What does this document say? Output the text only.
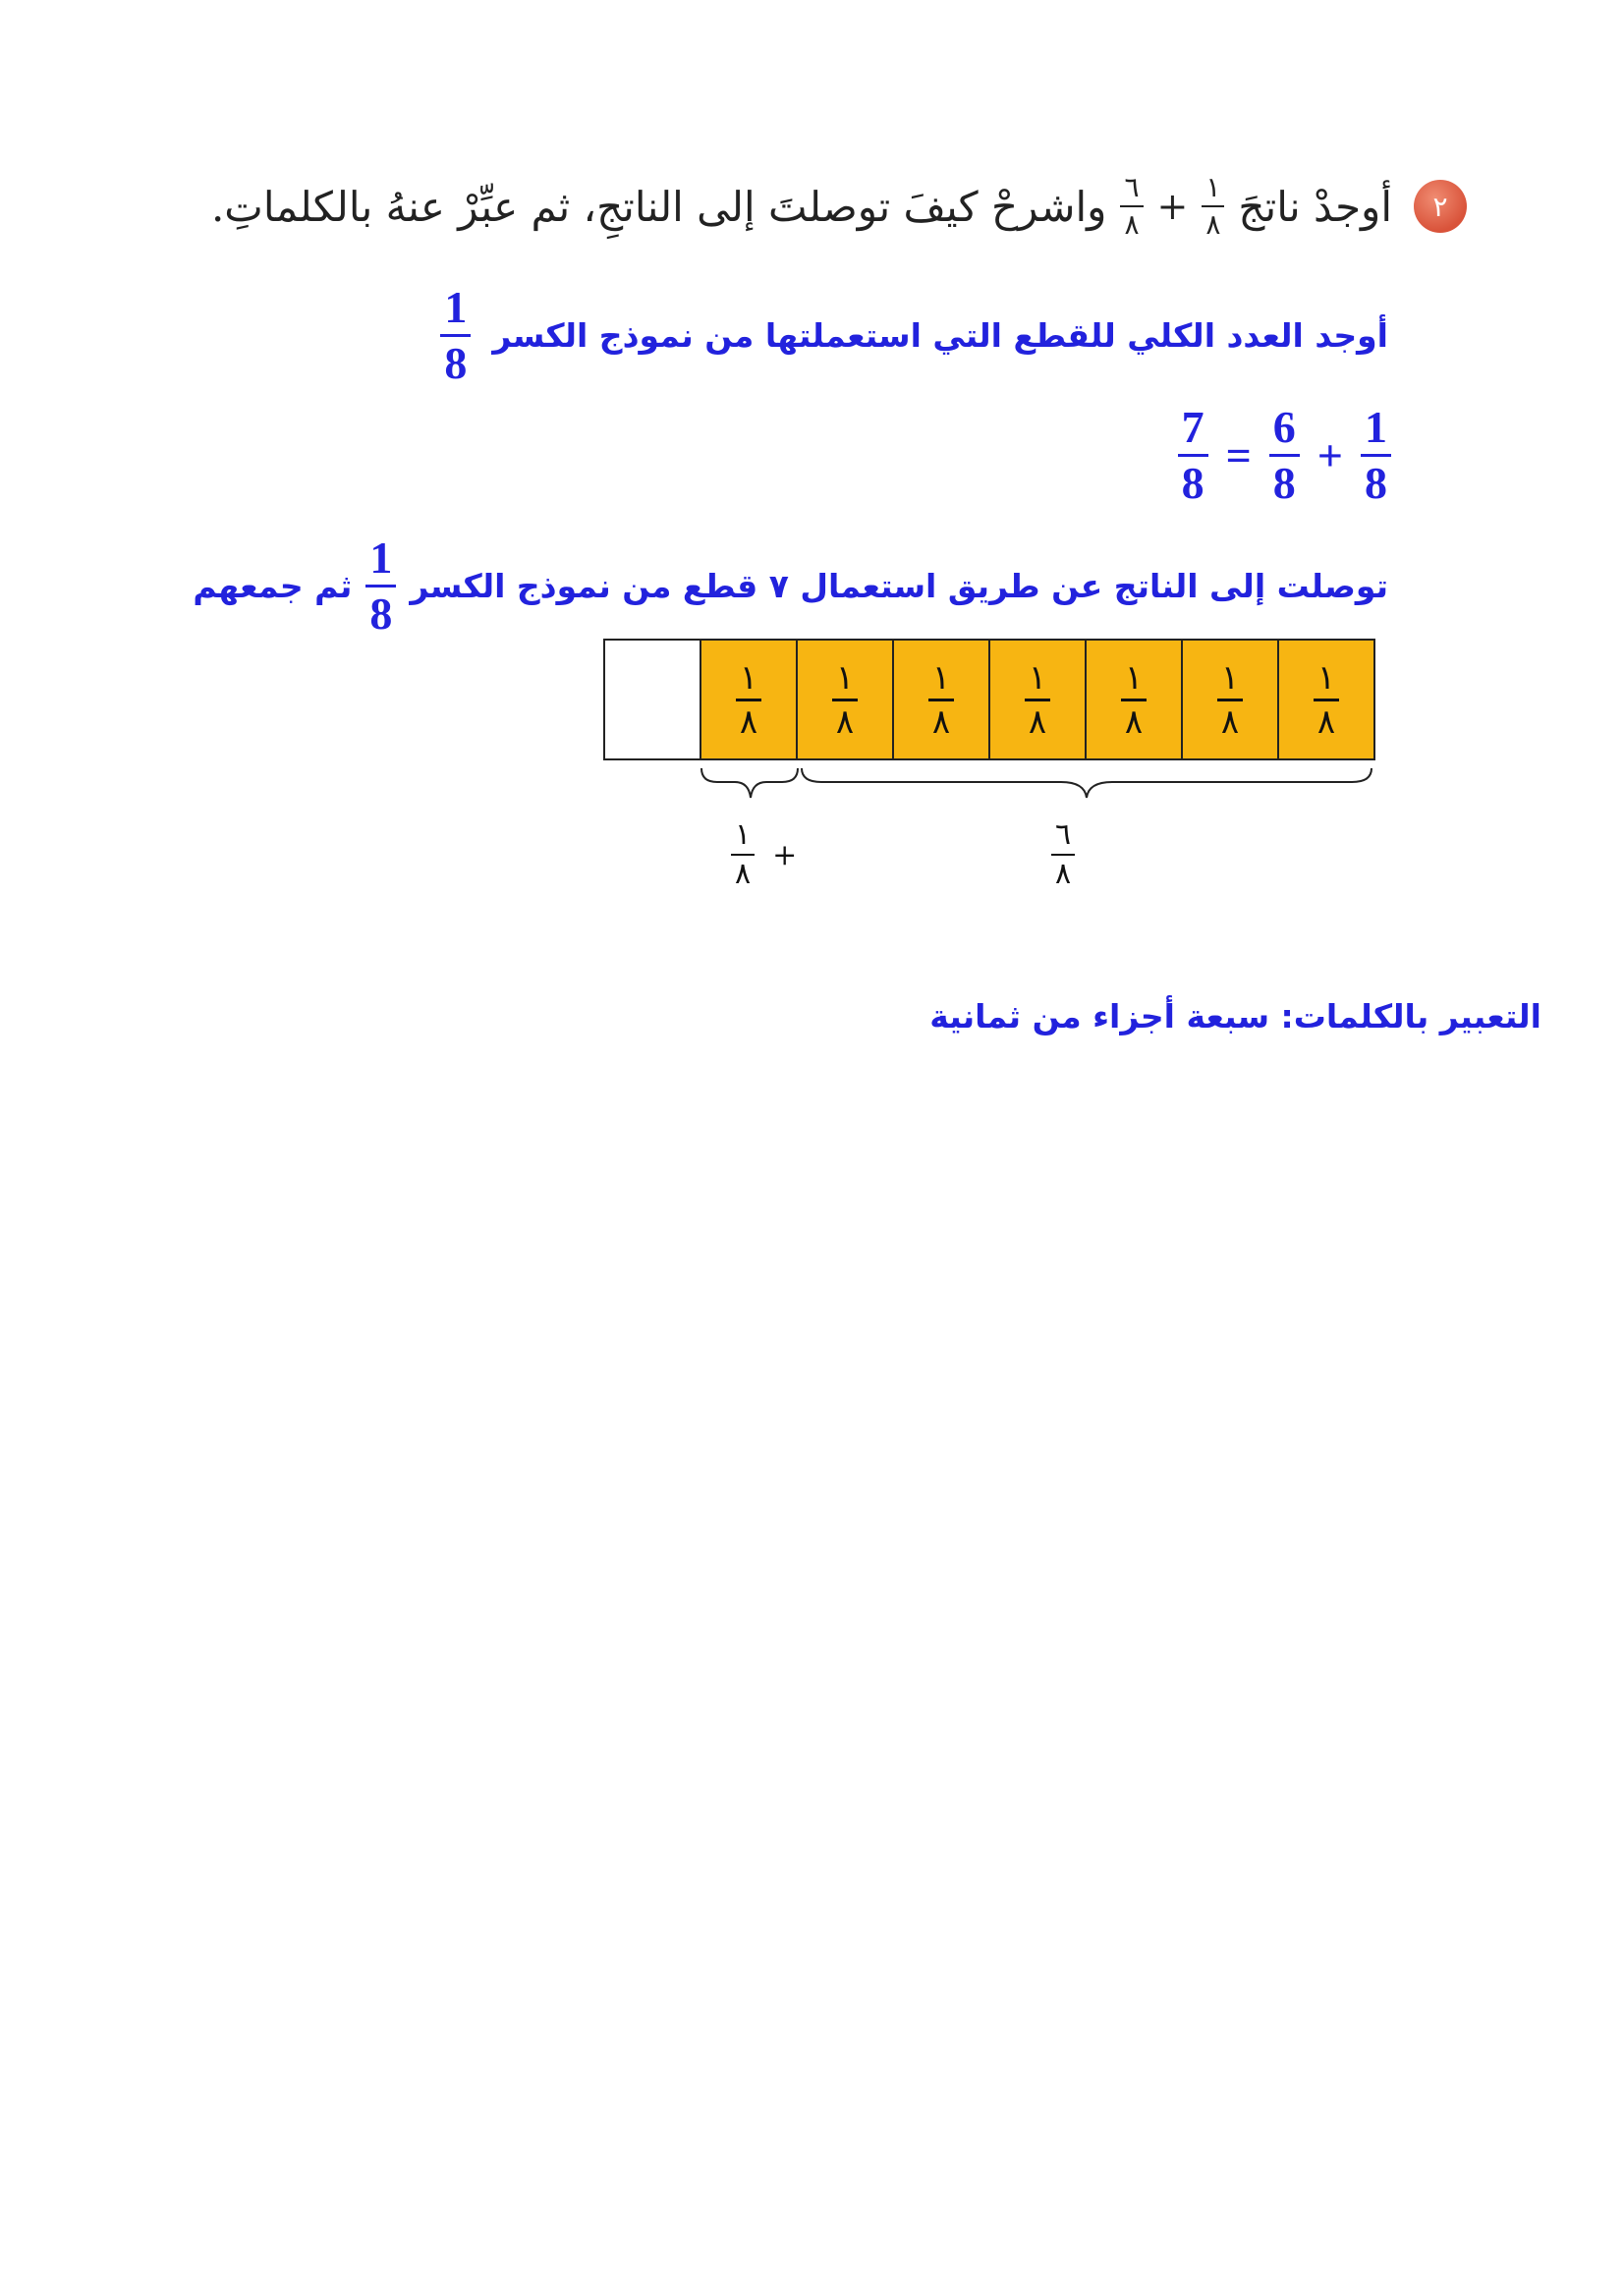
٢
أوجدْ ناتجَ
$\frac{١}{٨}$
+
$\frac{٦}{٨}$
واشرحْ كيفَ توصلتَ إلى الناتجِ، ثم عبِّرْ عنهُ بالكلماتِ.
أوجد العدد الكلي للقطع التي استعملتها من نموذج الكسر
$\frac{1}{8}$
$\frac{1}{8}$
+
$\frac{6}{8}$
=
$\frac{7}{8}$
توصلت إلى الناتج عن طريق استعمال ٧ قطع من نموذج الكسر
$\frac{1}{8}$
ثم جمعهم
$\frac{١}{٨} \frac{١}{٨} \frac{١}{٨} \frac{١}{٨} \frac{١}{٨} \frac{١}{٨} \frac{١}{٨}$
$\frac{١}{٨}$ +	$\frac{٦}{٨}$
التعبير بالكلمات: سبعة أجزاء من ثمانية
